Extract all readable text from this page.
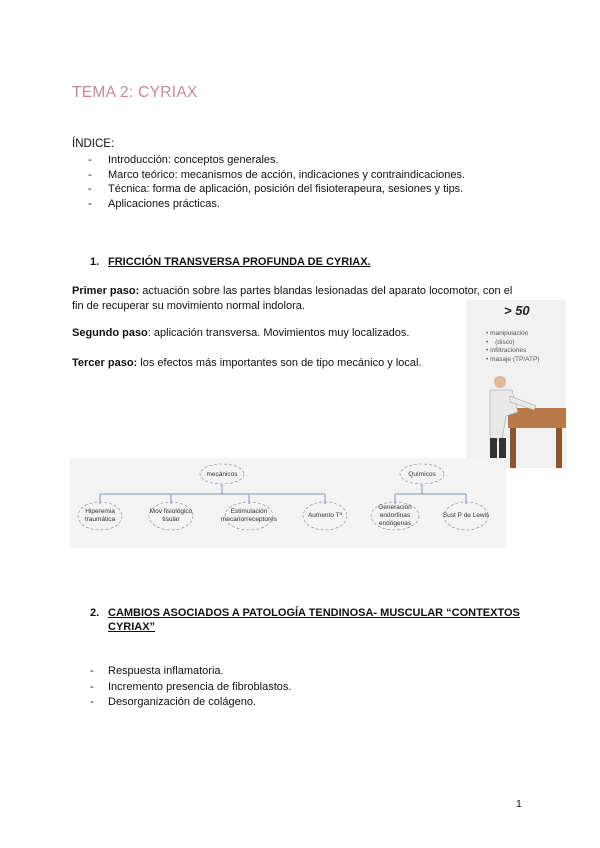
TEMA 2: CYRIAX
ÍNDICE:
- Introducción: conceptos generales.
- Marco teórico: mecanismos de acción, indicaciones y contraindicaciones.
- Técnica: forma de aplicación, posición del fisioterapeura, sesiones y tips.
- Aplicaciones prácticas.
1. FRICCIÓN TRANSVERSA PROFUNDA DE CYRIAX.
Primer paso: actuación sobre las partes blandas lesionadas del aparato locomotor, con el fin de recuperar su movimiento normal indolora.
Segundo paso: aplicación transversa. Movimientos muy localizados.
Tercer paso: los efectos más importantes son de tipo mecánico y local.
> 50
• manipulación
• (disco)
• infiltraciones
• masaje (TP/ATP)
mecánicos	Químicos
Hiperemia traumática
Mov fisiológico tisular
Estimulación mecanorreceptores
Aumento Tª
Generación endorfinas endógenas
Sust P de Lewis
2. CAMBIOS ASOCIADOS A PATOLOGÍA TENDINOSA- MUSCULAR “CONTEXTOS CYRIAX”
- Respuesta inflamatoria.
- Incremento presencia de fibroblastos.
- Desorganización de colágeno.
1
